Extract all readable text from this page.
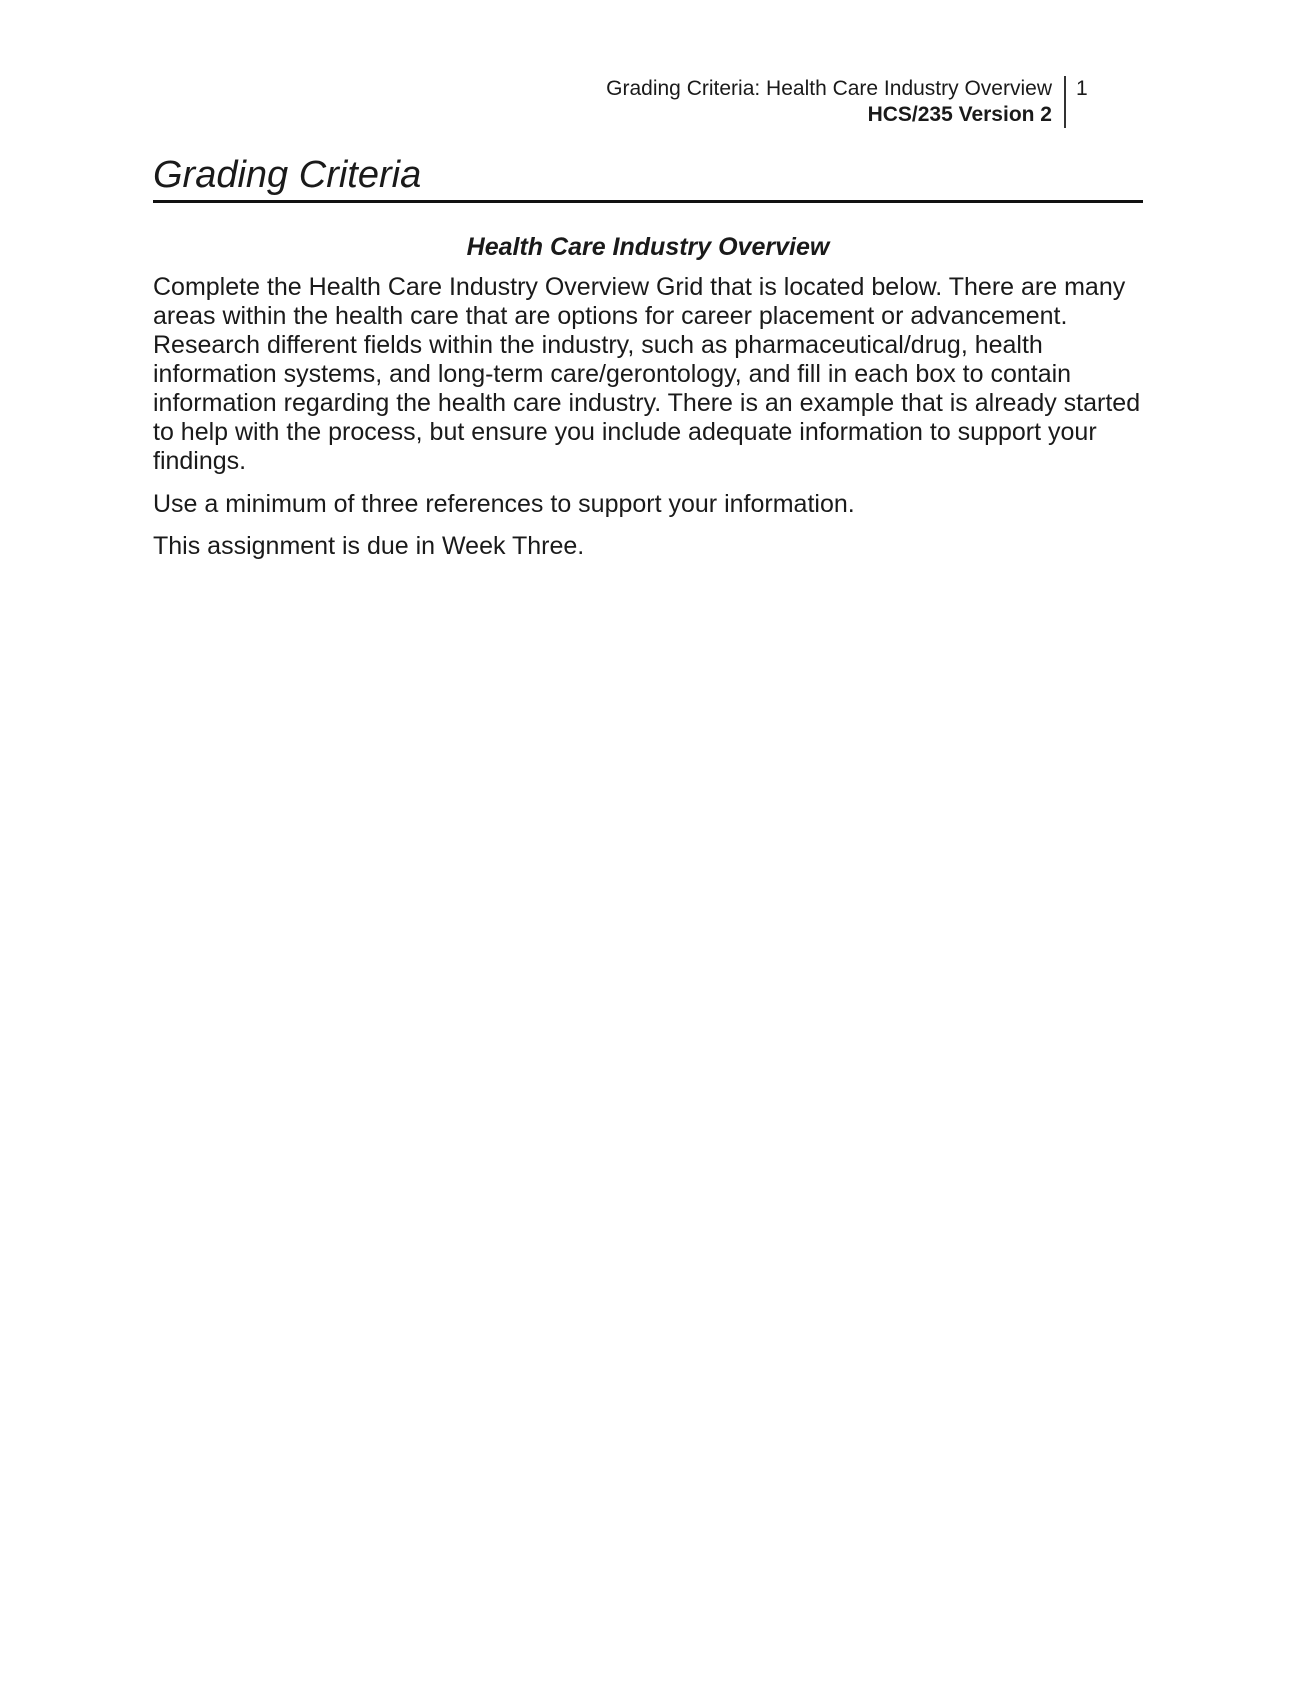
Grading Criteria: Health Care Industry Overview
HCS/235 Version 2
1
Grading Criteria
Health Care Industry Overview
Complete the Health Care Industry Overview Grid that is located below. There are many areas within the health care that are options for career placement or advancement. Research different fields within the industry, such as pharmaceutical/drug, health information systems, and long-term care/gerontology, and fill in each box to contain information regarding the health care industry. There is an example that is already started to help with the process, but ensure you include adequate information to support your findings.
Use a minimum of three references to support your information.
This assignment is due in Week Three.
